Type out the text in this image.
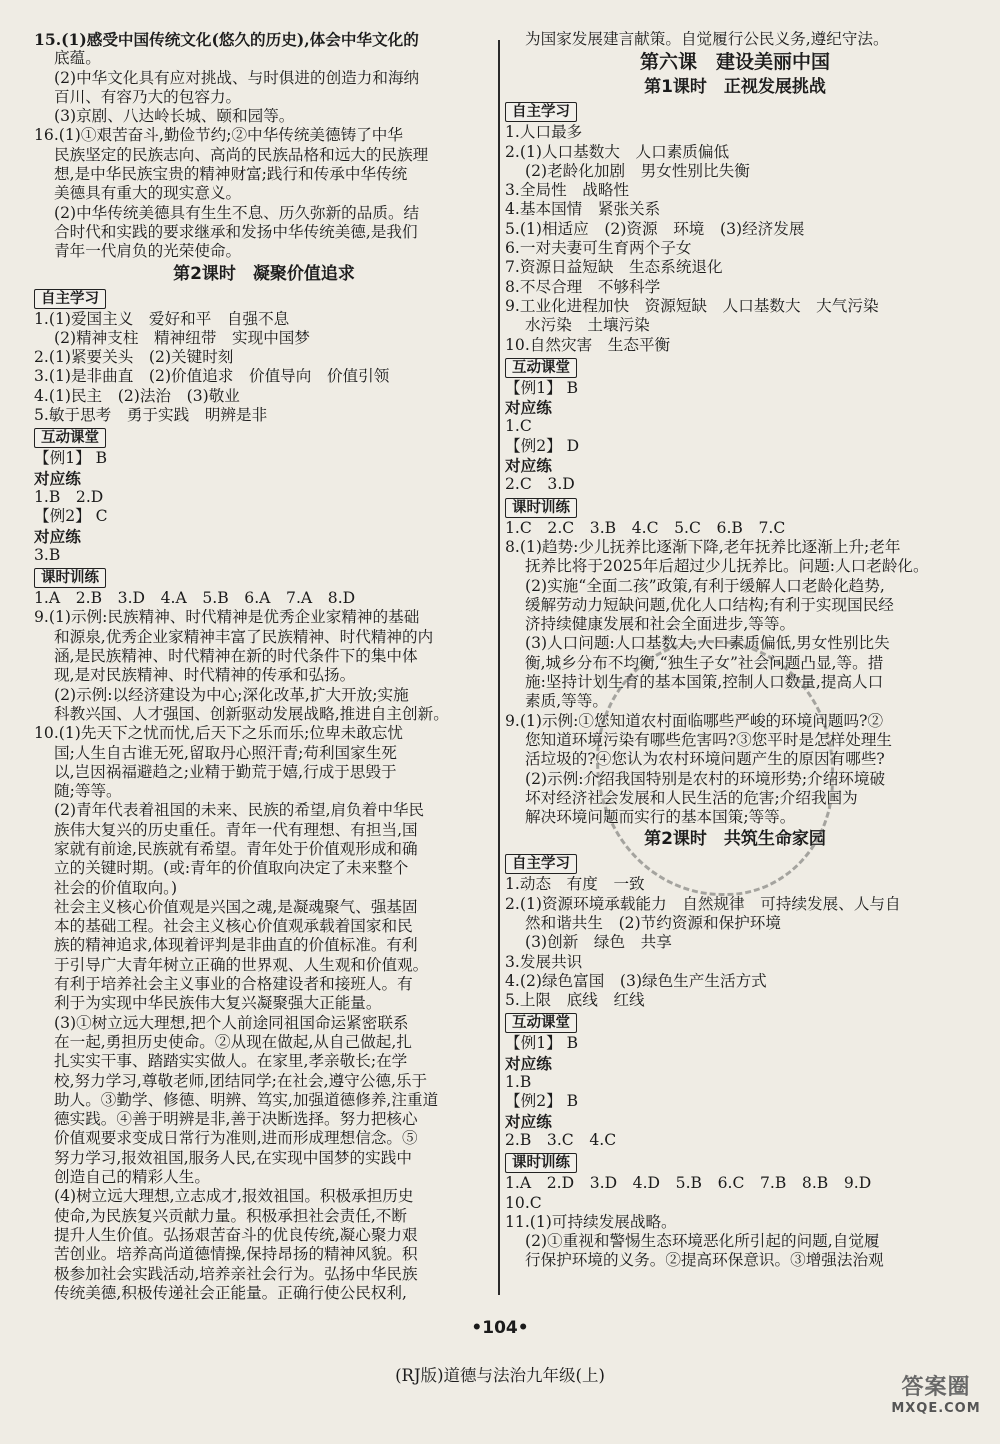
15.(1)感受中国传统文化(悠久的历史),体会中华文化的
底蕴。
(2)中华文化具有应对挑战、与时俱进的创造力和海纳
百川、有容乃大的包容力。
(3)京剧、八达岭长城、颐和园等。
16.(1)①艰苦奋斗,勤俭节约;②中华传统美德铸了中华
民族坚定的民族志向、高尚的民族品格和远大的民族理
想,是中华民族宝贵的精神财富;践行和传承中华传统
美德具有重大的现实意义。
(2)中华传统美德具有生生不息、历久弥新的品质。结
合时代和实践的要求继承和发扬中华传统美德,是我们
青年一代肩负的光荣使命。
第2课时　凝聚价值追求
自主学习
1.(1)爱国主义　爱好和平　自强不息
(2)精神支柱　精神纽带　实现中国梦
2.(1)紧要关头　(2)关键时刻
3.(1)是非曲直　(2)价值追求　价值导向　价值引领
4.(1)民主　(2)法治　(3)敬业
5.敏于思考　勇于实践　明辨是非
互动课堂
【例1】 B
对应练
1.B　2.D
【例2】 C
对应练
3.B
课时训练
1.A　2.B　3.D　4.A　5.B　6.A　7.A　8.D
9.(1)示例:民族精神、时代精神是优秀企业家精神的基础
和源泉,优秀企业家精神丰富了民族精神、时代精神的内
涵,是民族精神、时代精神在新的时代条件下的集中体
现,是对民族精神、时代精神的传承和弘扬。
(2)示例:以经济建设为中心;深化改革,扩大开放;实施
科教兴国、人才强国、创新驱动发展战略,推进自主创新。
10.(1)先天下之忧而忧,后天下之乐而乐;位卑未敢忘忧
国;人生自古谁无死,留取丹心照汗青;苟利国家生死
以,岂因祸福避趋之;业精于勤荒于嬉,行成于思毁于
随;等等。
(2)青年代表着祖国的未来、民族的希望,肩负着中华民
族伟大复兴的历史重任。青年一代有理想、有担当,国
家就有前途,民族就有希望。青年处于价值观形成和确
立的关键时期。(或:青年的价值取向决定了未来整个
社会的价值取向。)
社会主义核心价值观是兴国之魂,是凝魂聚气、强基固
本的基础工程。社会主义核心价值观承载着国家和民
族的精神追求,体现着评判是非曲直的价值标准。有利
于引导广大青年树立正确的世界观、人生观和价值观。
有利于培养社会主义事业的合格建设者和接班人。有
利于为实现中华民族伟大复兴凝聚强大正能量。
(3)①树立远大理想,把个人前途同祖国命运紧密联系
在一起,勇担历史使命。②从现在做起,从自己做起,扎
扎实实干事、踏踏实实做人。在家里,孝亲敬长;在学
校,努力学习,尊敬老师,团结同学;在社会,遵守公德,乐于
助人。③勤学、修德、明辨、笃实,加强道德修养,注重道
德实践。④善于明辨是非,善于决断选择。努力把核心
价值观要求变成日常行为准则,进而形成理想信念。⑤
努力学习,报效祖国,服务人民,在实现中国梦的实践中
创造自己的精彩人生。
(4)树立远大理想,立志成才,报效祖国。积极承担历史
使命,为民族复兴贡献力量。积极承担社会责任,不断
提升人生价值。弘扬艰苦奋斗的优良传统,凝心聚力艰
苦创业。培养高尚道德情操,保持昂扬的精神风貌。积
极参加社会实践活动,培养亲社会行为。弘扬中华民族
传统美德,积极传递社会正能量。正确行使公民权利,
为国家发展建言献策。自觉履行公民义务,遵纪守法。
第六课　建设美丽中国
第1课时　正视发展挑战
自主学习
1.人口最多
2.(1)人口基数大　人口素质偏低
(2)老龄化加剧　男女性别比失衡
3.全局性　战略性
4.基本国情　紧张关系
5.(1)相适应　(2)资源　环境　(3)经济发展
6.一对夫妻可生育两个子女
7.资源日益短缺　生态系统退化
8.不尽合理　不够科学
9.工业化进程加快　资源短缺　人口基数大　大气污染
水污染　土壤污染
10.自然灾害　生态平衡
互动课堂
【例1】 B
对应练
1.C
【例2】 D
对应练
2.C　3.D
课时训练
1.C　2.C　3.B　4.C　5.C　6.B　7.C
8.(1)趋势:少儿抚养比逐渐下降,老年抚养比逐渐上升;老年
抚养比将于2025年后超过少儿抚养比。问题:人口老龄化。
(2)实施“全面二孩”政策,有利于缓解人口老龄化趋势,
缓解劳动力短缺问题,优化人口结构;有利于实现国民经
济持续健康发展和社会全面进步,等等。
(3)人口问题:人口基数大,人口素质偏低,男女性别比失
衡,城乡分布不均衡,“独生子女”社会问题凸显,等。措
施:坚持计划生育的基本国策,控制人口数量,提高人口
素质,等等。
9.(1)示例:①您知道农村面临哪些严峻的环境问题吗?②
您知道环境污染有哪些危害吗?③您平时是怎样处理生
活垃圾的?④您认为农村环境问题产生的原因有哪些?
(2)示例:介绍我国特别是农村的环境形势;介绍环境破
坏对经济社会发展和人民生活的危害;介绍我国为
解决环境问题而实行的基本国策;等等。
第2课时　共筑生命家园
自主学习
1.动态　有度　一致
2.(1)资源环境承载能力　自然规律　可持续发展、人与自
然和谐共生　(2)节约资源和保护环境
(3)创新　绿色　共享
3.发展共识
4.(2)绿色富国　(3)绿色生产生活方式
5.上限　底线　红线
互动课堂
【例1】 B
对应练
1.B
【例2】 B
对应练
2.B　3.C　4.C
课时训练
1.A　2.D　3.D　4.D　5.B　6.C　7.B　8.B　9.D
10.C
11.(1)可持续发展战略。
(2)①重视和警惕生态环境恶化所引起的问题,自觉履
行保护环境的义务。②提高环保意识。③增强法治观
•104•
(RJ版)道德与法治九年级(上)	答案圈
MXQE.COM
